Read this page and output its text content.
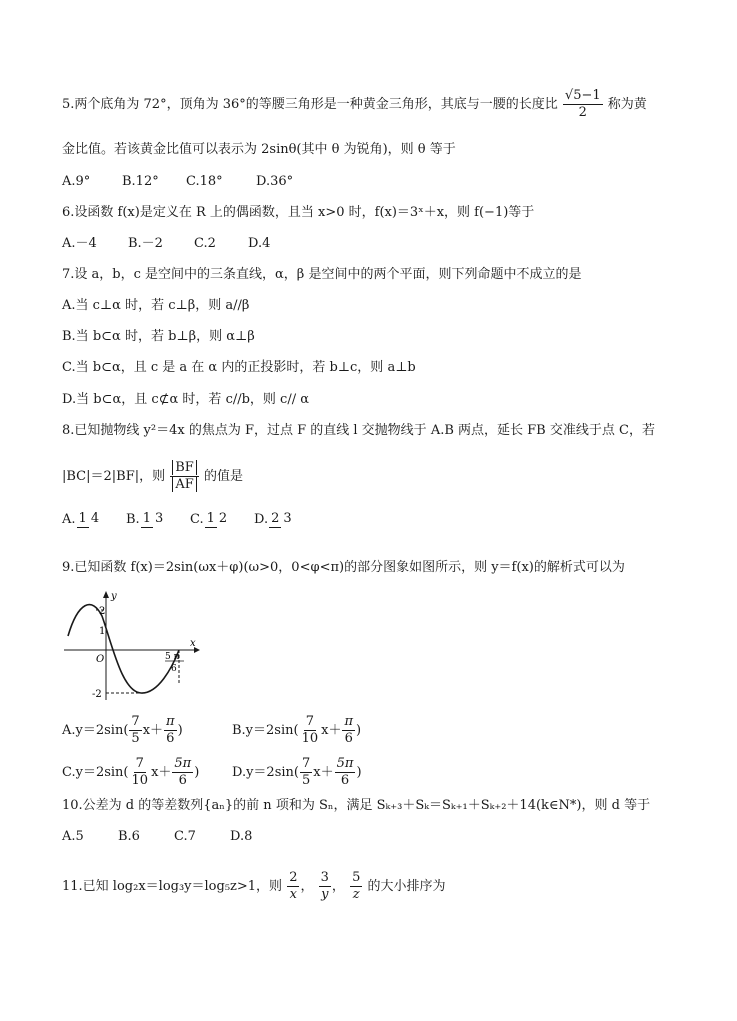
5.两个底角为 72°，顶角为 36°的等腰三角形是一种黄金三角形，其底与一腰的长度比 $\frac{√5-1}{2}$ 称为黄
金比值。若该黄金比值可以表示为 2sinθ(其中 θ 为锐角)，则 θ 等于
A.9° B.12° C.18°	D.36°
6.设函数 f(x)是定义在 R 上的偶函数，且当 x>0 时，f(x)＝3ˣ＋x，则 f(−1)等于
A.－4 B.－2 C.2 D.4
7.设 a，b，c 是空间中的三条直线，α，β 是空间中的两个平面，则下列命题中不成立的是
A.当 c⊥α 时，若 c⊥β，则 a//β
B.当 b⊂α 时，若 b⊥β，则 α⊥β
C.当 b⊂α，且 c 是 a 在 α 内的正投影时，若 b⊥c，则 a⊥b
D.当 b⊂α，且 c⊄α 时，若 c//b，则 c// α
8.已知抛物线 y²＝4x 的焦点为 F，过点 F 的直线 l 交抛物线于 A.B 两点，延长 FB 交准线于点 C，若
|BC|＝2|BF|，则 $\frac{BF}{AF}$ 的值是
A. 1 4 B. 1 3 C. 1 2 D. 2 3
9.已知函数 f(x)＝2sin(ωx＋φ)(ω>0，0<φ<π)的部分图象如图所示，则 y＝f(x)的解析式可以为
y
x
O
2
1
-2
5 π
6
$A.y=2\sin( \frac{7}{5} x+ \frac{\pi}{6}$ )	$B.y=2\sin( \frac{7}{10} x+ \frac{\pi}{6}$ )
$C.y=2\sin( \frac{7}{10} x+ \frac{5\pi}{6}$ )	$D.y=2\sin( \frac{7}{5} x+ \frac{5\pi}{6}$ )
10.公差为 d 的等差数列{aₙ}的前 n 项和为 Sₙ，满足 Sₖ₊₃＋Sₖ＝Sₖ₊₁＋Sₖ₊₂＋14(k∈N*)，则 d 等于
A.5	B.6	C.7	D.8
11.已知 log₂x＝log₃y＝log₅z>1，则 $\frac{2}{x}$ ， $\frac{3}{y}$ ， $\frac{5}{z}$ 的大小排序为
